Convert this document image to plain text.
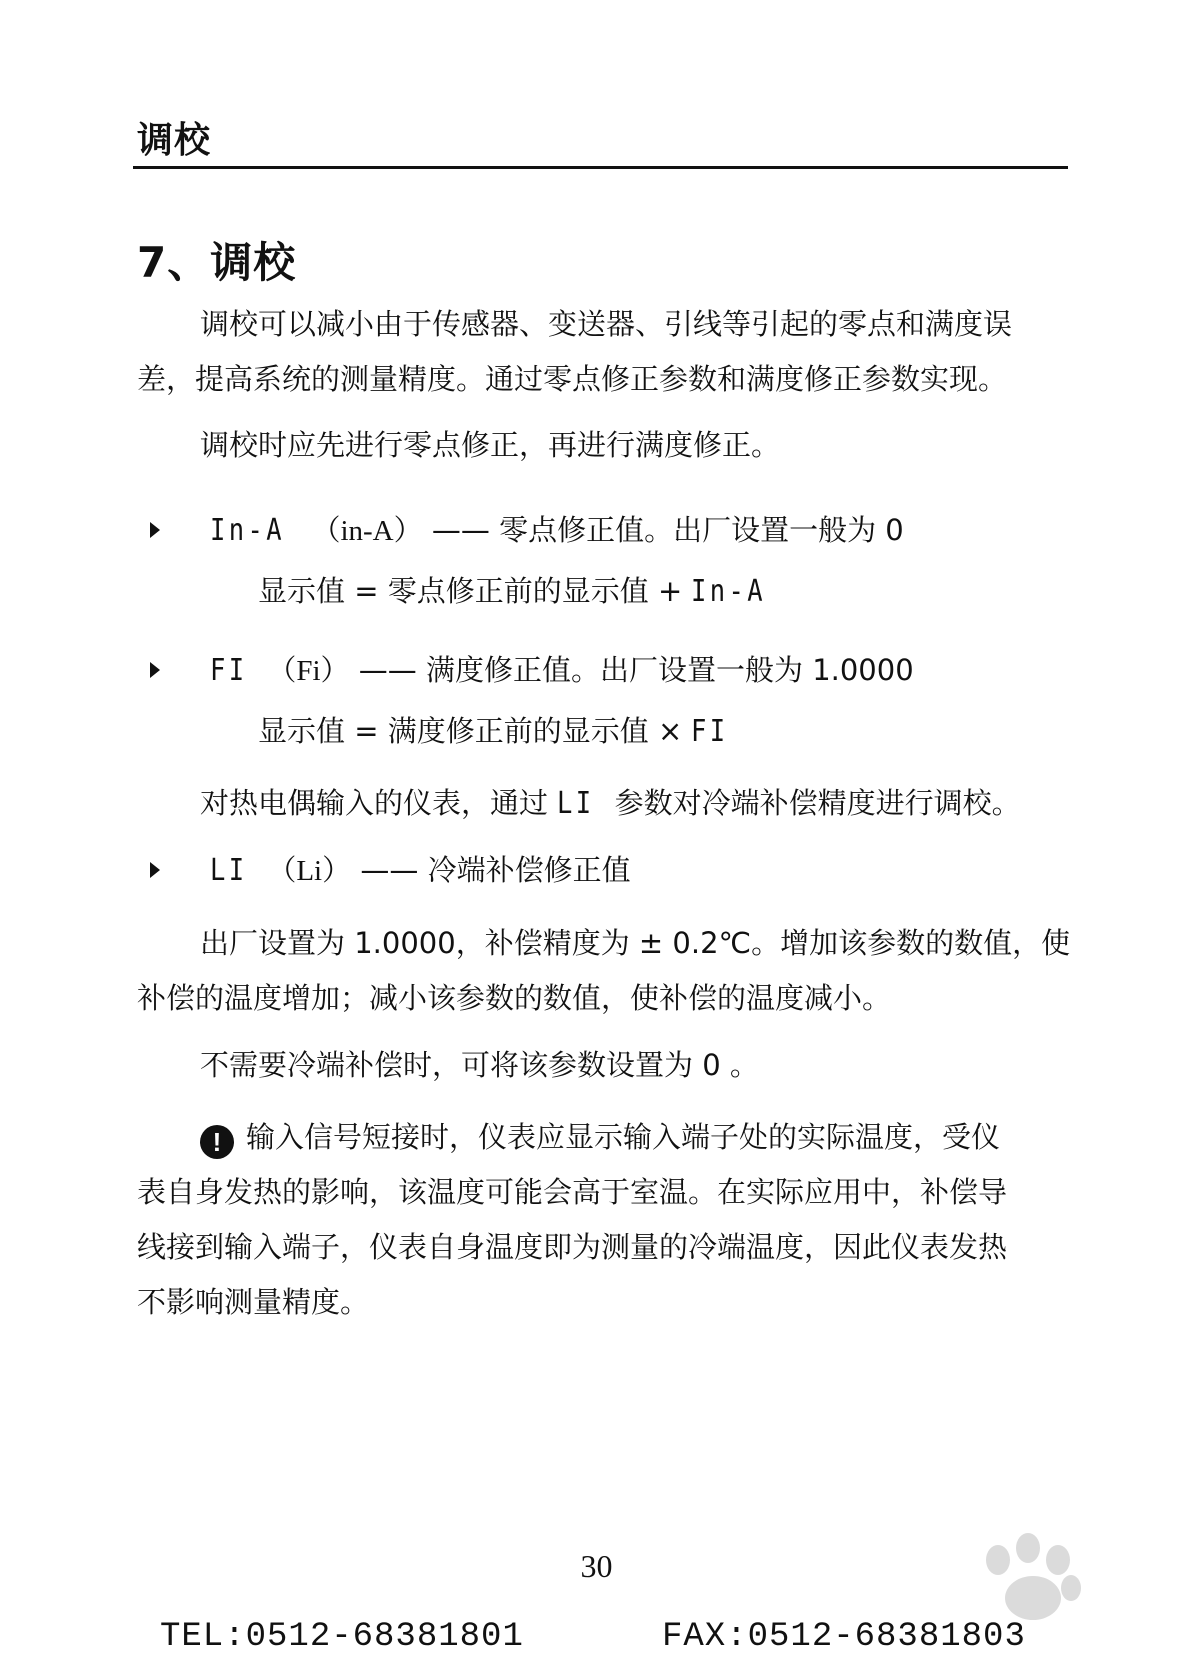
调校
7、调校
调校可以减小由于传感器、变送器、引线等引起的零点和满度误
差，提高系统的测量精度。通过零点修正参数和满度修正参数实现。
调校时应先进行零点修正，再进行满度修正。
In-A （in-A） —— 零点修正值。出厂设置一般为 0
显示值 = 零点修正前的显示值 + In-A
FI （Fi） —— 满度修正值。出厂设置一般为 1.0000
显示值 = 满度修正前的显示值 × FI
对热电偶输入的仪表，通过 LI 参数对冷端补偿精度进行调校。
LI （Li） —— 冷端补偿修正值
出厂设置为 1.0000，补偿精度为 ± 0.2℃。增加该参数的数值，使
补偿的温度增加；减小该参数的数值，使补偿的温度减小。
不需要冷端补偿时，可将该参数设置为 0 。
! 输入信号短接时，仪表应显示输入端子处的实际温度，受仪
表自身发热的影响，该温度可能会高于室温。在实际应用中，补偿导
线接到输入端子，仪表自身温度即为测量的冷端温度，因此仪表发热
不影响测量精度。
30
TEL:0512-68381801	FAX:0512-68381803
